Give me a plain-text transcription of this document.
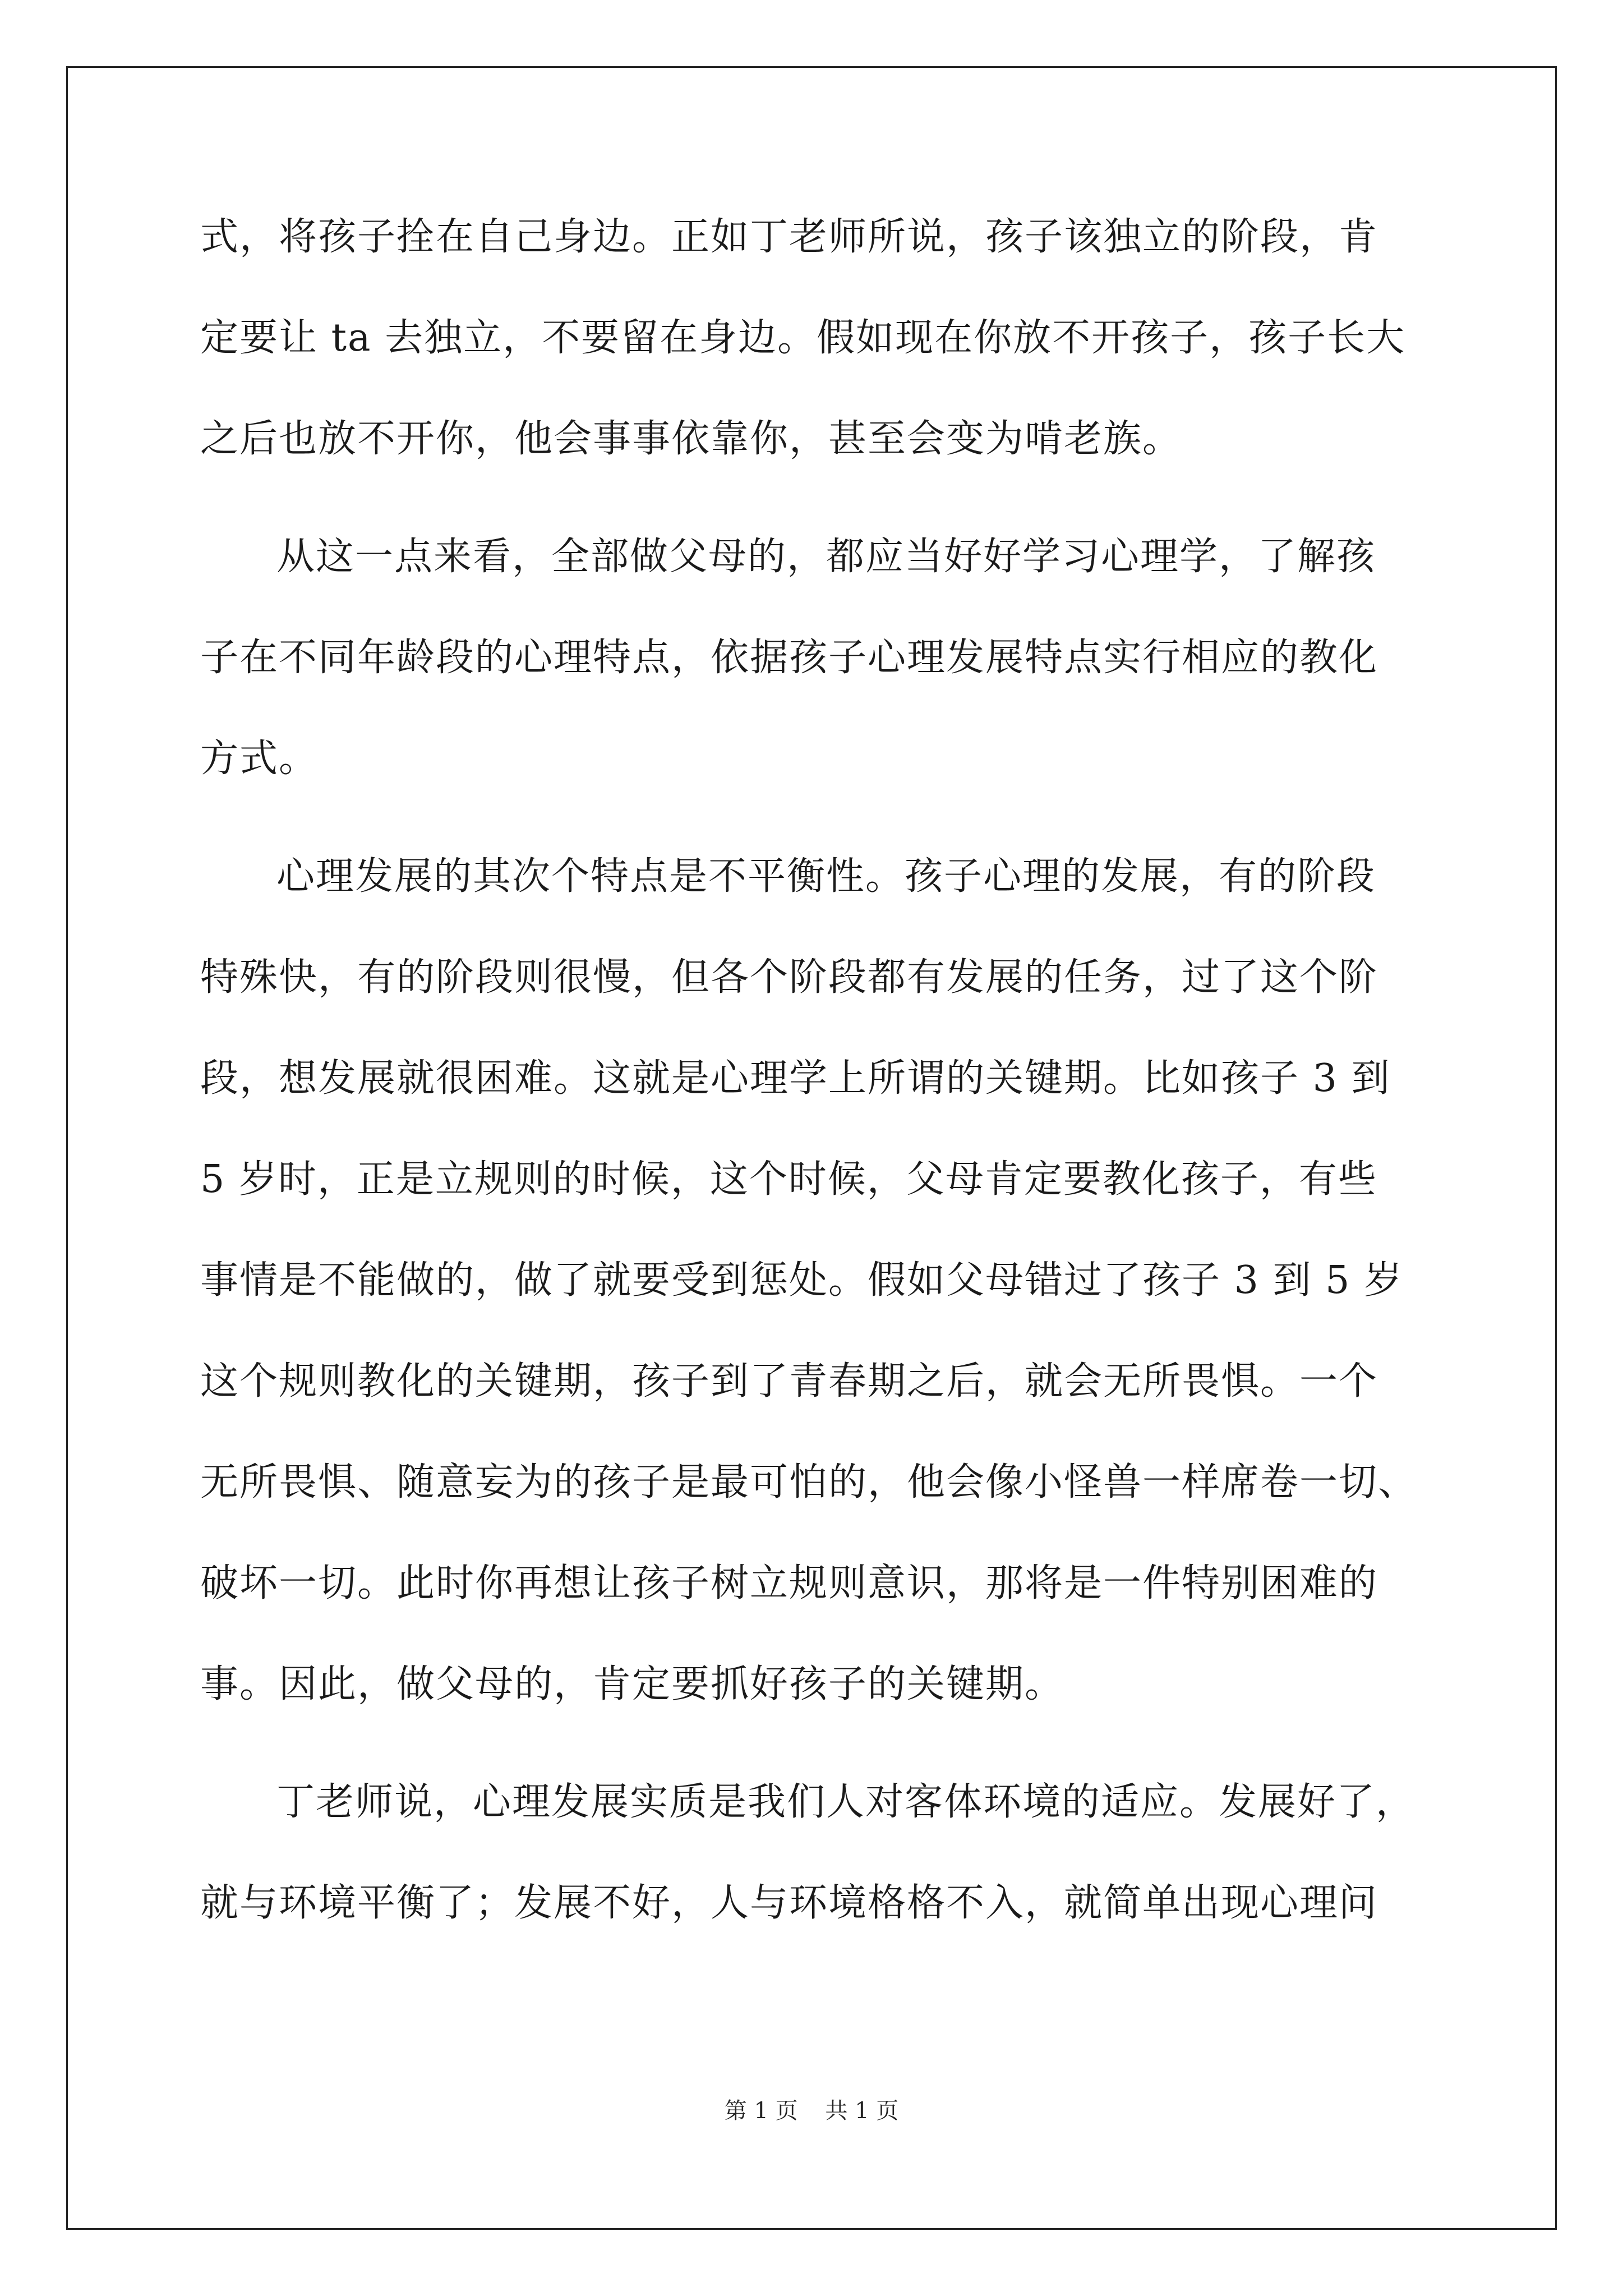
式，将孩子拴在自己身边。正如丁老师所说，孩子该独立的阶段，肯
定要让 ta 去独立，不要留在身边。假如现在你放不开孩子，孩子长大
之后也放不开你，他会事事依靠你，甚至会变为啃老族。
从这一点来看，全部做父母的，都应当好好学习心理学，了解孩
子在不同年龄段的心理特点，依据孩子心理发展特点实行相应的教化
方式。
心理发展的其次个特点是不平衡性。孩子心理的发展，有的阶段
特殊快，有的阶段则很慢，但各个阶段都有发展的任务，过了这个阶
段，想发展就很困难。这就是心理学上所谓的关键期。比如孩子 3 到
5 岁时，正是立规则的时候，这个时候，父母肯定要教化孩子，有些
事情是不能做的，做了就要受到惩处。假如父母错过了孩子 3 到 5 岁
这个规则教化的关键期，孩子到了青春期之后，就会无所畏惧。一个
无所畏惧、随意妄为的孩子是最可怕的，他会像小怪兽一样席卷一切、
破坏一切。此时你再想让孩子树立规则意识，那将是一件特别困难的
事。因此，做父母的，肯定要抓好孩子的关键期。
丁老师说，心理发展实质是我们人对客体环境的适应。发展好了，
就与环境平衡了；发展不好，人与环境格格不入，就简单出现心理问
第 1 页 共 1 页
